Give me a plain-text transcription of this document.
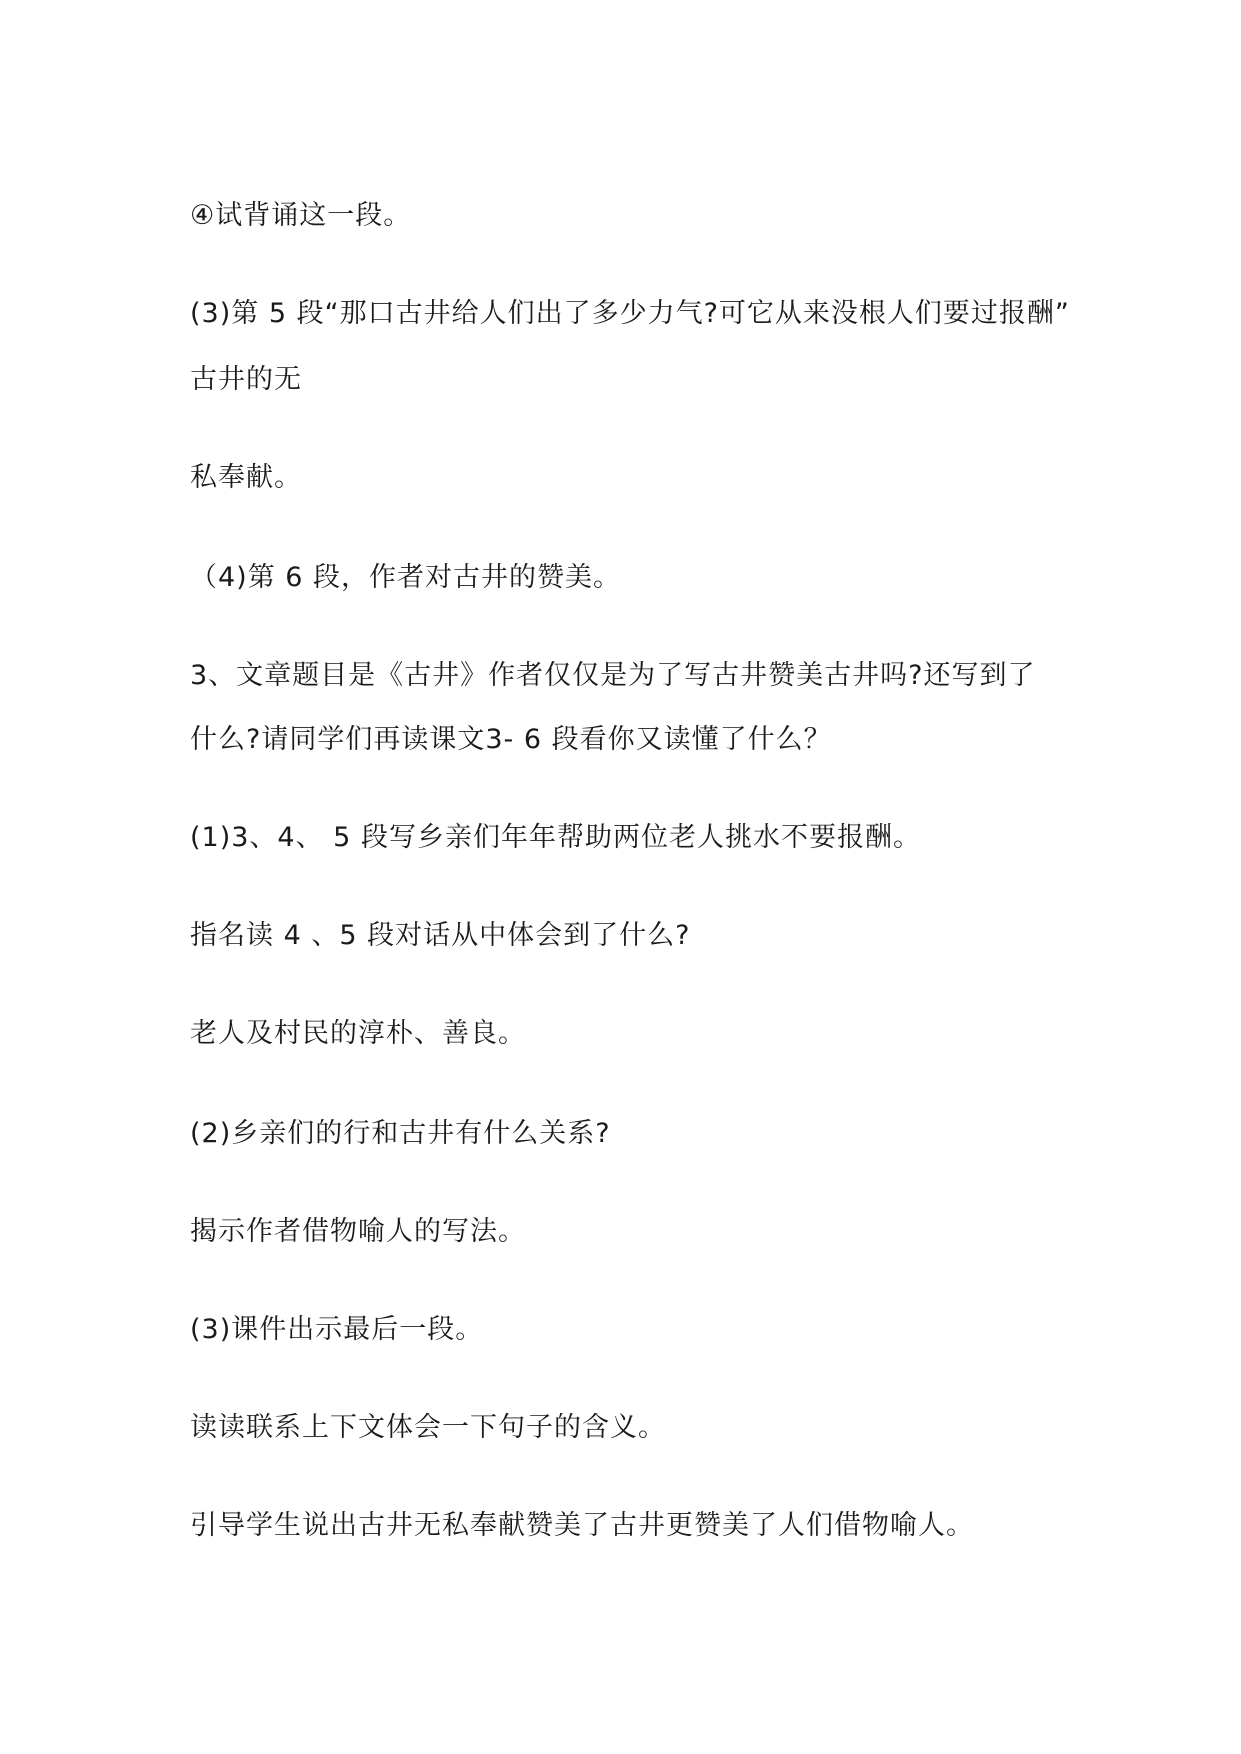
④试背诵这一段。
(3)第 5 段“那口古井给人们出了多少力气?可它从来没根人们要过报酬”
古井的无
私奉献。
（4)第 6 段，作者对古井的赞美。
3、文章题目是《古井》作者仅仅是为了写古井赞美古井吗?还写到了
什么?请同学们再读课文3- 6 段看你又读懂了什么？
(1)3、4、 5 段写乡亲们年年帮助两位老人挑水不要报酬。
指名读 4 、5 段对话从中体会到了什么?
老人及村民的淳朴、善良。
(2)乡亲们的行和古井有什么关系?
揭示作者借物喻人的写法。
(3)课件出示最后一段。
读读联系上下文体会一下句子的含义。
引导学生说出古井无私奉献赞美了古井更赞美了人们借物喻人。
